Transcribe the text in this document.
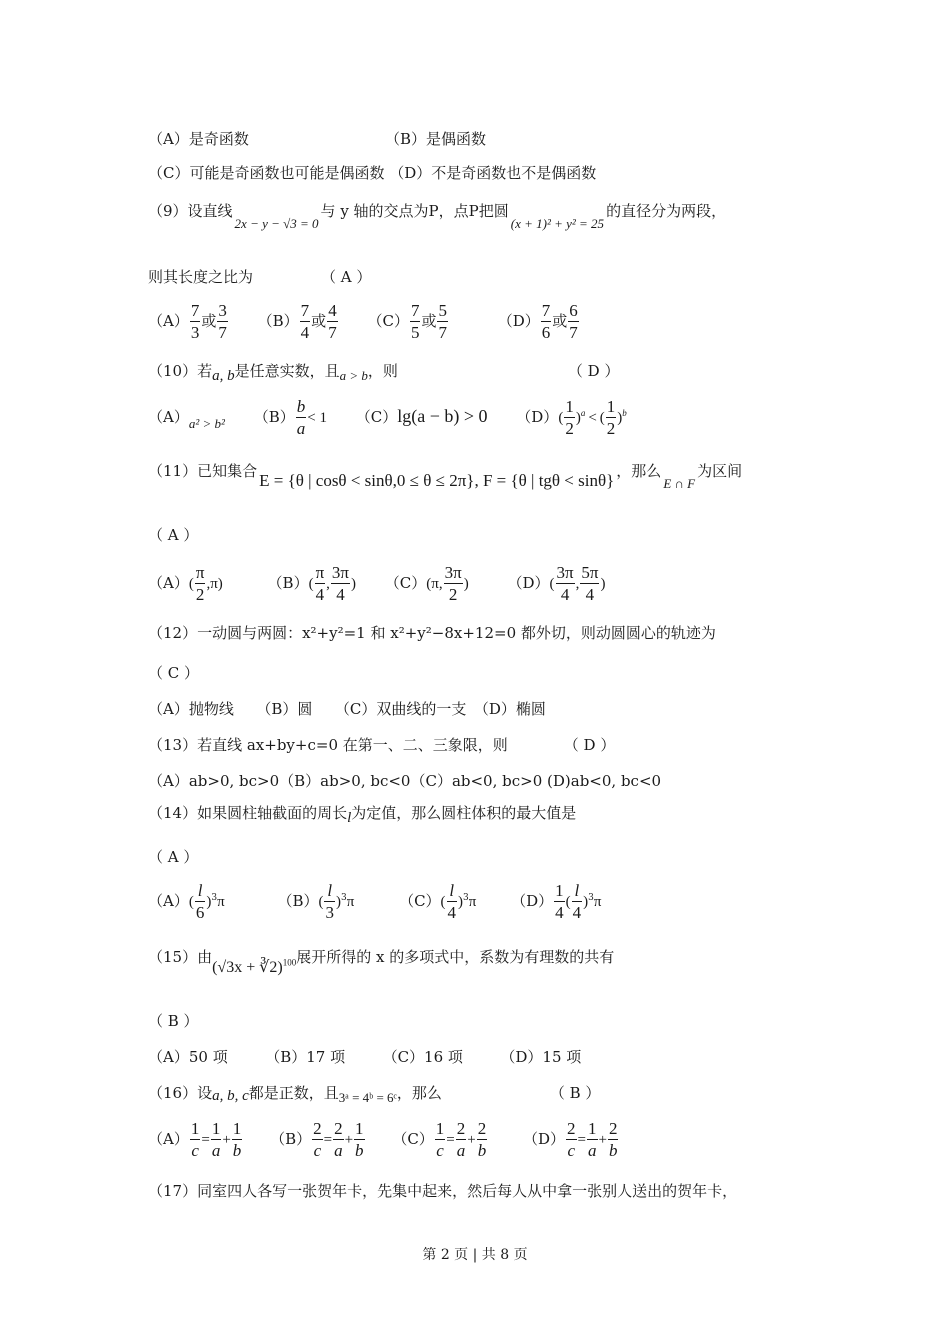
（A）是奇函数	（B）是偶函数
（C）可能是奇函数也可能是偶函数 （D）不是奇函数也不是偶函数
（9）设直线2x − y − √3 = 0与 y 轴的交点为P，点P把圆(x + 1)² + y² = 25的直径分为两段，
则其长度之比为	（ A ）
$(A) \frac{7}{3}$ 或 $\frac{3}{7} (B) \frac{7}{4}$ 或 $\frac{4}{7} (C) \frac{7}{5}$ 或 $\frac{5}{7}$	$(D) \frac{7}{6}$ 或 $\frac{6}{7}$
（10）若a, b是任意实数，且a > b，则	（ D ）
（A）a² > b² $(B) \frac{b}{a} < 1$ （C）lg(a − b) > 0 $(D)( \frac{1}{2} )^a$ < ( $\frac{1}{2} )^b$
（11）已知集合 E = {θ | cosθ < sinθ,0 ≤ θ ≤ 2π}, F = {θ | tgθ < sinθ} ，那么E ∩ F为区间
（ A ）
$(A)( \frac{\pi}{2} ,\pi)$	$(B)( \frac{\pi}{4}$ , $\frac{3\pi}{4}$ ) （C）(π, $\frac{3\pi}{2}$ )	$(D)( \frac{3\pi}{4}$ , $\frac{5\pi}{4}$ )
（12）一动圆与两圆：x²+y²=1 和 x²+y²−8x+12=0 都外切，则动圆圆心的轨迹为
（ C ）
（A）抛物线　　（B）圆　　（C）双曲线的一支　（D）椭圆
（13）若直线 ax+by+c=0 在第一、二、三象限，则	（ D ）
（A）ab>0, bc>0（B）ab>0, bc<0（C）ab<0, bc>0 (D)ab<0, bc<0
（14）如果圆柱轴截面的周长l为定值，那么圆柱体积的最大值是
（ A ）
$(A)( \frac{l}{6} )^3\pi$	$(B)( \frac{l}{3} )^3\pi$	$(C)( \frac{l}{4} )^3\pi$ $(D) \frac{1}{4}$ ( $\frac{l}{4} )^3\pi$
（15）由(√3x + ∛2)$^{100}$展开所得的 x 的多项式中，系数为有理数的共有
（ B ）
（A）50 项　　　（B）17 项　　　（C）16 项　　　（D）15 项
（16）设a, b, c都是正数，且3ᵃ = 4ᵇ = 6ᶜ，那么	（ B ）
$(A) \frac{1}{c} = \frac{1}{a} + \frac{1}{b} (B) \frac{2}{c} = \frac{2}{a} + \frac{1}{b} (C) \frac{1}{c} = \frac{2}{a} + \frac{2}{b} (D) \frac{2}{c} = \frac{1}{a} + \frac{2}{b}$
（17）同室四人各写一张贺年卡，先集中起来，然后每人从中拿一张别人送出的贺年卡，
第 2 页 | 共 8 页
